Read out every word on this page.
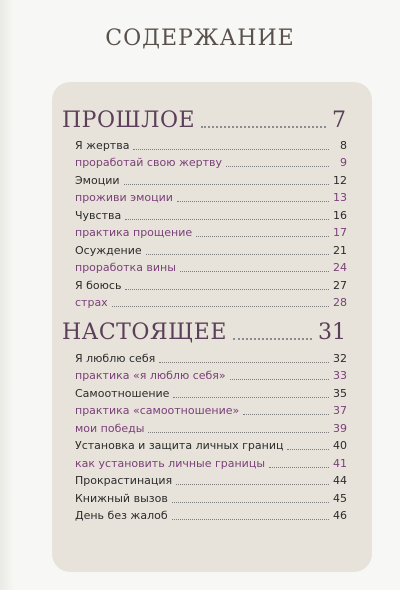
СОДЕРЖАНИЕ
ПРОШЛОЕ	7
Я жертва	8
проработай свою жертву	9
Эмоции	12
проживи эмоции	13
Чувства	16
практика прощение	17
Осуждение	21
проработка вины	24
Я боюсь	27
страх	28
НАСТОЯЩЕЕ	31
Я люблю себя	32
практика «я люблю себя»	33
Самоотношение	35
практика «самоотношение»	37
мои победы	39
Установка и защита личных границ	40
как установить личные границы	41
Прокрастинация	44
Книжный вызов	45
День без жалоб	46
